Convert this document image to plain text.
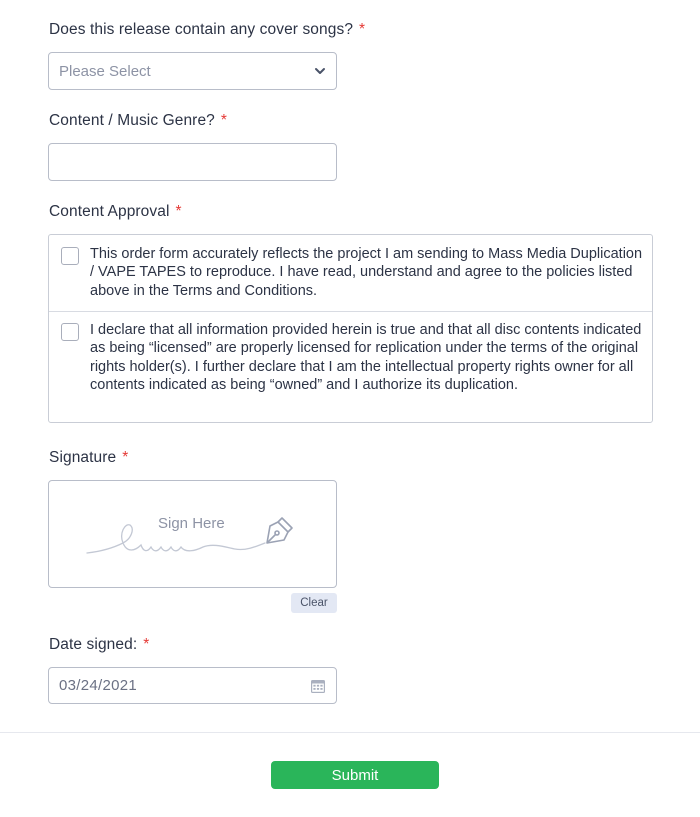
Does this release contain any cover songs? *
Please Select
Content / Music Genre? *
Content Approval *
This order form accurately reflects the project I am sending to Mass Media Duplication / VAPE TAPES to reproduce. I have read, understand and agree to the policies listed above in the Terms and Conditions.
I declare that all information provided herein is true and that all disc contents indicated as being “licensed” are properly licensed for replication under the terms of the original rights holder(s). I further declare that I am the intellectual property rights owner for all contents indicated as being “owned” and I authorize its duplication.
Signature *
Sign Here
Clear
Date signed: *
03/24/2021
Submit
